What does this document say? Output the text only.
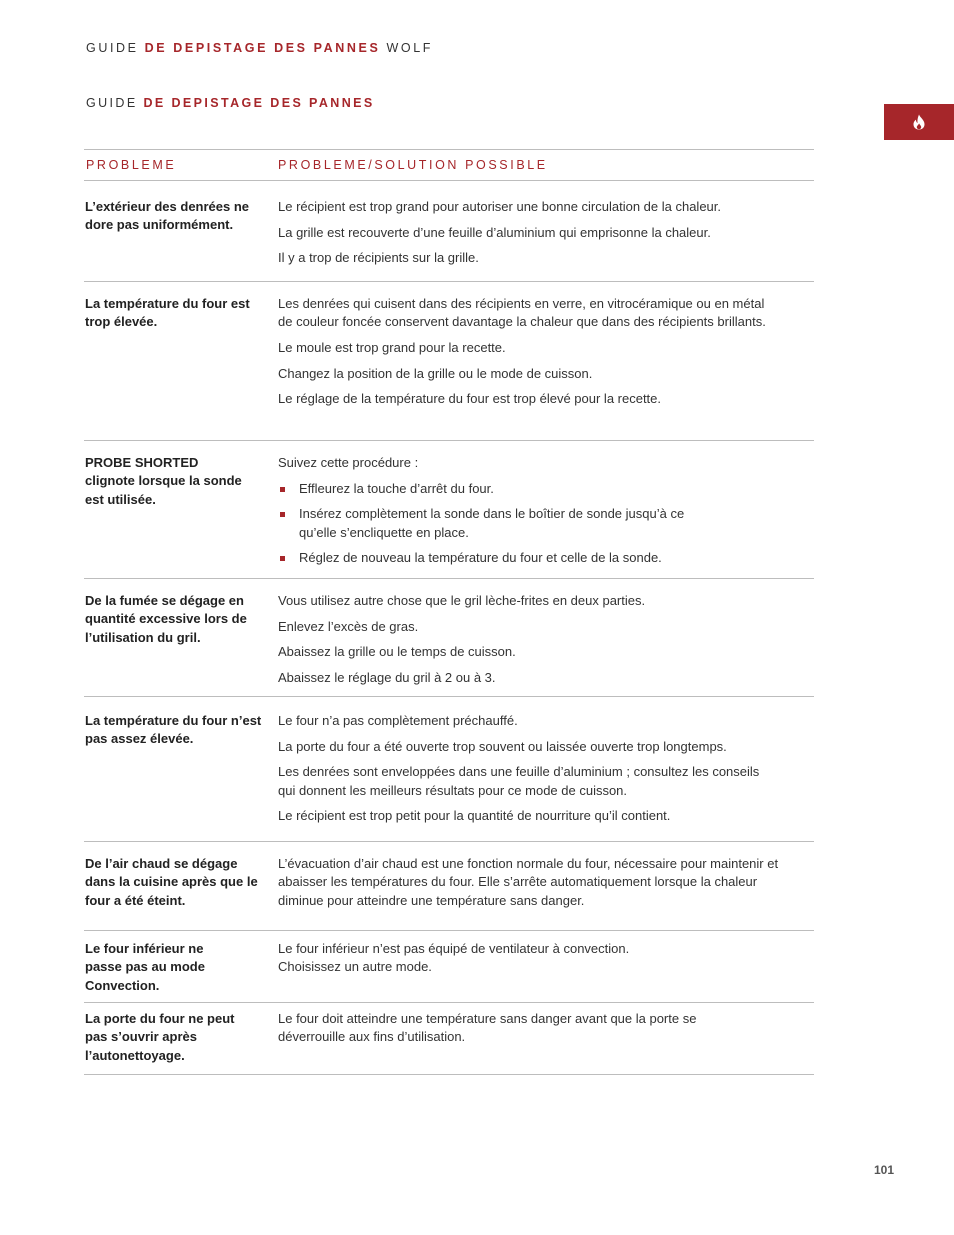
GUIDE DE DEPISTAGE DES PANNES WOLF
GUIDE DE DEPISTAGE DES PANNES
PROBLEME	PROBLEME/SOLUTION POSSIBLE
L’extérieur des denrées ne dore pas uniformément.

Le récipient est trop grand pour autoriser une bonne circulation de la chaleur.

La grille est recouverte d’une feuille d’aluminium qui emprisonne la chaleur.

Il y a trop de récipients sur la grille.

La température du four est trop élevée.

Les denrées qui cuisent dans des récipients en verre, en vitrocéramique ou en métal de couleur foncée conservent davantage la chaleur que dans des récipients brillants.

Le moule est trop grand pour la recette.

Changez la position de la grille ou le mode de cuisson.

Le réglage de la température du four est trop élevé pour la recette.

PROBE SHORTED
clignote lorsque la sonde est utilisée.

Suivez cette procédure :

Effleurez la touche d’arrêt du four.

Insérez complètement la sonde dans le boîtier de sonde jusqu’à ce qu’elle s’encliquette en place.

Réglez de nouveau la température du four et celle de la sonde.

De la fumée se dégage en quantité excessive lors de l’utilisation du gril.

Vous utilisez autre chose que le gril lèche-frites en deux parties.

Enlevez l’excès de gras.

Abaissez la grille ou le temps de cuisson.

Abaissez le réglage du gril à 2 ou à 3.

La température du four n’est pas assez élevée.

Le four n’a pas complètement préchauffé.

La porte du four a été ouverte trop souvent ou laissée ouverte trop longtemps.

Les denrées sont enveloppées dans une feuille d’aluminium ; consultez les conseils qui donnent les meilleurs résultats pour ce mode de cuisson.

Le récipient est trop petit pour la quantité de nourriture qu’il contient.

De l’air chaud se dégage dans la cuisine après que le four a été éteint.

L’évacuation d’air chaud est une fonction normale du four, nécessaire pour maintenir et abaisser les températures du four. Elle s’arrête automatiquement lorsque la chaleur diminue pour atteindre une température sans danger.

Le four inférieur ne passe pas au mode Convection.

Le four inférieur n’est pas équipé de ventilateur à convection. Choisissez un autre mode.

La porte du four ne peut pas s’ouvrir après l’autonettoyage.

Le four doit atteindre une température sans danger avant que la porte se déverrouille aux fins d’utilisation.

101
